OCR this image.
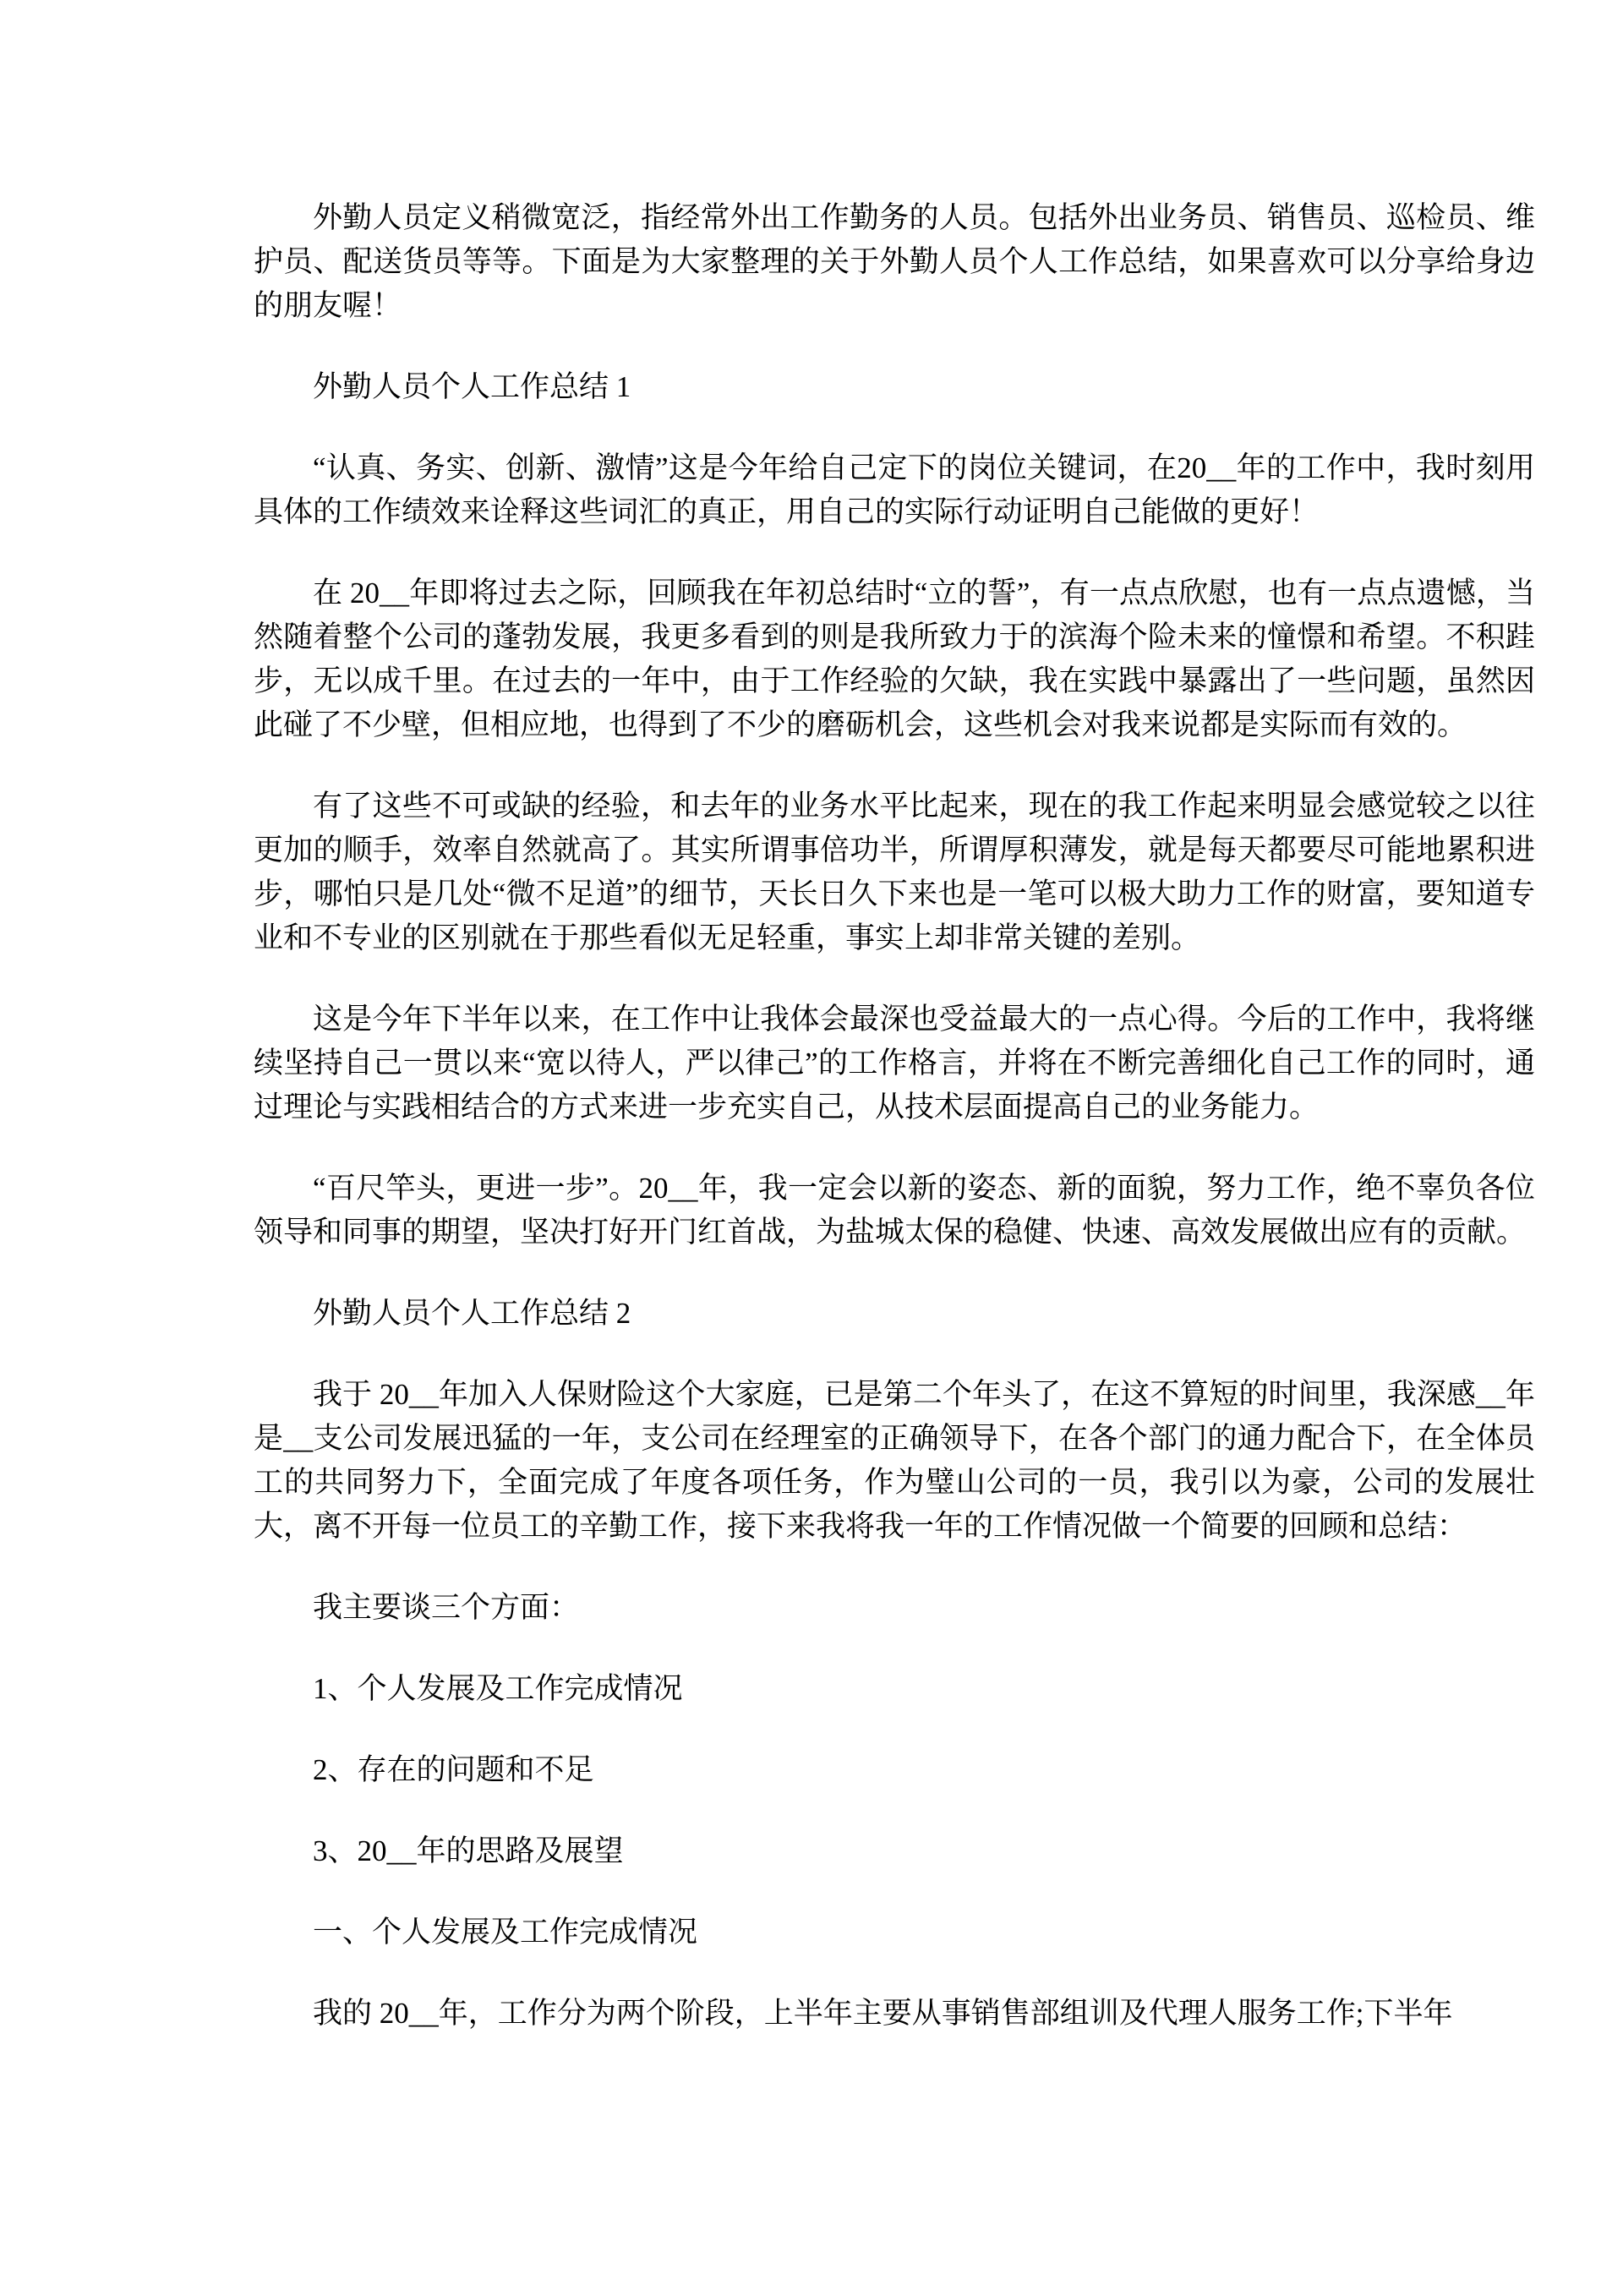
外勤人员定义稍微宽泛，指经常外出工作勤务的人员。包括外出业务员、销售员、巡检员、维护员、配送货员等等。下面是为大家整理的关于外勤人员个人工作总结，如果喜欢可以分享给身边的朋友喔！

外勤人员个人工作总结 1

“认真、务实、创新、激情”这是今年给自己定下的岗位关键词，在20__年的工作中，我时刻用具体的工作绩效来诠释这些词汇的真正，用自己的实际行动证明自己能做的更好！

在 20__年即将过去之际，回顾我在年初总结时“立的誓”，有一点点欣慰，也有一点点遗憾，当然随着整个公司的蓬勃发展，我更多看到的则是我所致力于的滨海个险未来的憧憬和希望。不积跬步，无以成千里。在过去的一年中，由于工作经验的欠缺，我在实践中暴露出了一些问题，虽然因此碰了不少壁，但相应地，也得到了不少的磨砺机会，这些机会对我来说都是实际而有效的。

有了这些不可或缺的经验，和去年的业务水平比起来，现在的我工作起来明显会感觉较之以往更加的顺手，效率自然就高了。其实所谓事倍功半，所谓厚积薄发，就是每天都要尽可能地累积进步，哪怕只是几处“微不足道”的细节，天长日久下来也是一笔可以极大助力工作的财富，要知道专业和不专业的区别就在于那些看似无足轻重，事实上却非常关键的差别。

这是今年下半年以来，在工作中让我体会最深也受益最大的一点心得。今后的工作中，我将继续坚持自己一贯以来“宽以待人，严以律己”的工作格言，并将在不断完善细化自己工作的同时，通过理论与实践相结合的方式来进一步充实自己，从技术层面提高自己的业务能力。

“百尺竿头，更进一步”。20__年，我一定会以新的姿态、新的面貌，努力工作，绝不辜负各位领导和同事的期望，坚决打好开门红首战，为盐城太保的稳健、快速、高效发展做出应有的贡献。

外勤人员个人工作总结 2

我于 20__年加入人保财险这个大家庭，已是第二个年头了，在这不算短的时间里，我深感__年是__支公司发展迅猛的一年，支公司在经理室的正确领导下，在各个部门的通力配合下，在全体员工的共同努力下，全面完成了年度各项任务，作为璧山公司的一员，我引以为豪，公司的发展壮大，离不开每一位员工的辛勤工作，接下来我将我一年的工作情况做一个简要的回顾和总结：

我主要谈三个方面：

1、个人发展及工作完成情况

2、存在的问题和不足

3、20__年的思路及展望

一、个人发展及工作完成情况

我的 20__年，工作分为两个阶段，上半年主要从事销售部组训及代理人服务工作;下半年
